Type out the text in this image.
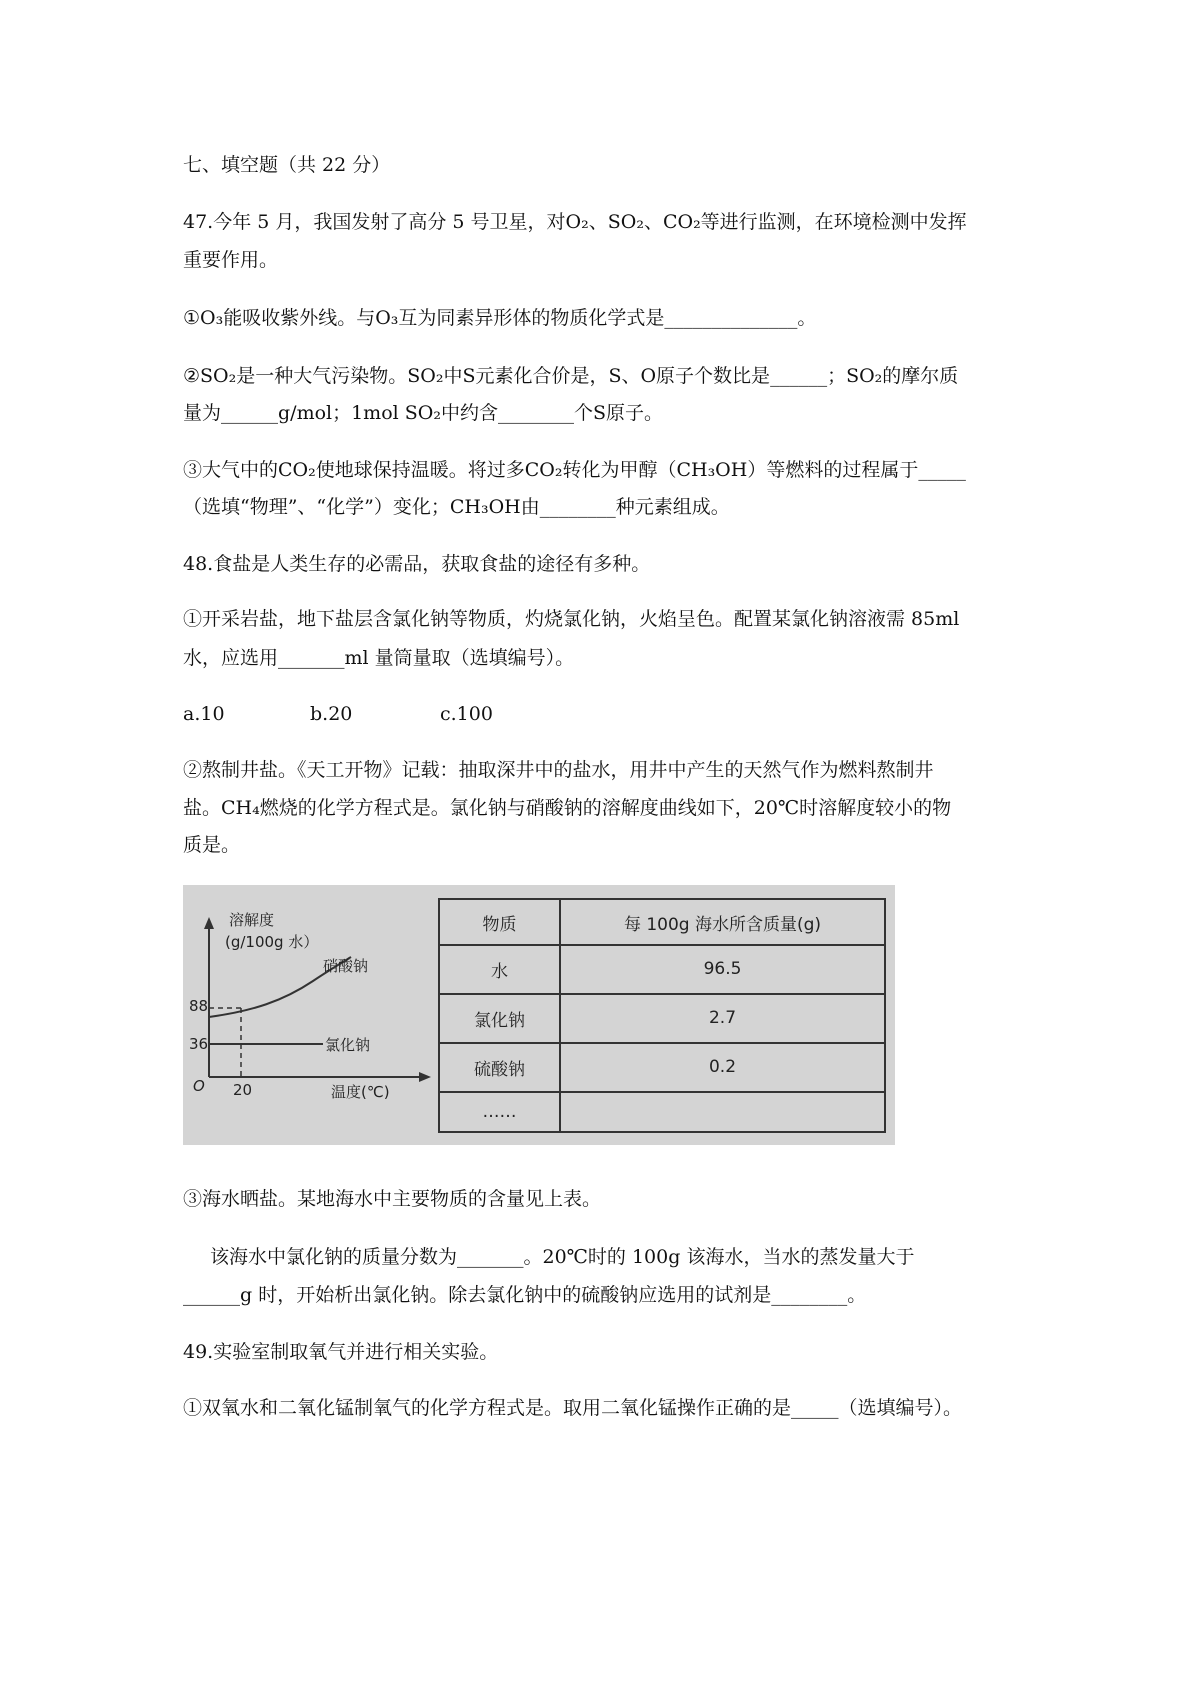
七、填空题（共 22 分）
47.今年 5 月，我国发射了高分 5 号卫星，对O₂、SO₂、CO₂等进行监测，在环境检测中发挥
重要作用。
①O₃能吸收紫外线。与O₃互为同素异形体的物质化学式是______________。
②SO₂是一种大气污染物。SO₂中S元素化合价是，S、O原子个数比是______；SO₂的摩尔质
量为______g/mol；1mol SO₂中约含________个S原子。
③大气中的CO₂使地球保持温暖。将过多CO₂转化为甲醇（CH₃OH）等燃料的过程属于_____
（选填“物理”、“化学”）变化；CH₃OH由________种元素组成。
48.食盐是人类生存的必需品，获取食盐的途径有多种。
①开采岩盐，地下盐层含氯化钠等物质，灼烧氯化钠，火焰呈色。配置某氯化钠溶液需 85ml
水，应选用_______ml 量筒量取（选填编号）。
a.10	b.20	c.100
②熬制井盐。《天工开物》记载：抽取深井中的盐水，用井中产生的天然气作为燃料熬制井
盐。CH₄燃烧的化学方程式是。氯化钠与硝酸钠的溶解度曲线如下，20℃时溶解度较小的物
质是。
溶解度
(g/100g 水）
硝酸钠
氯化钠
88
36
O 20	温度(℃)
物质	每 100g 海水所含质量(g)
水	96.5
氯化钠	2.7
硫酸钠	0.2
……	
③海水晒盐。某地海水中主要物质的含量见上表。
该海水中氯化钠的质量分数为_______。20℃时的 100g 该海水，当水的蒸发量大于
______g 时，开始析出氯化钠。除去氯化钠中的硫酸钠应选用的试剂是________。
49.实验室制取氧气并进行相关实验。
①双氧水和二氧化锰制氧气的化学方程式是。取用二氧化锰操作正确的是_____（选填编号）。
